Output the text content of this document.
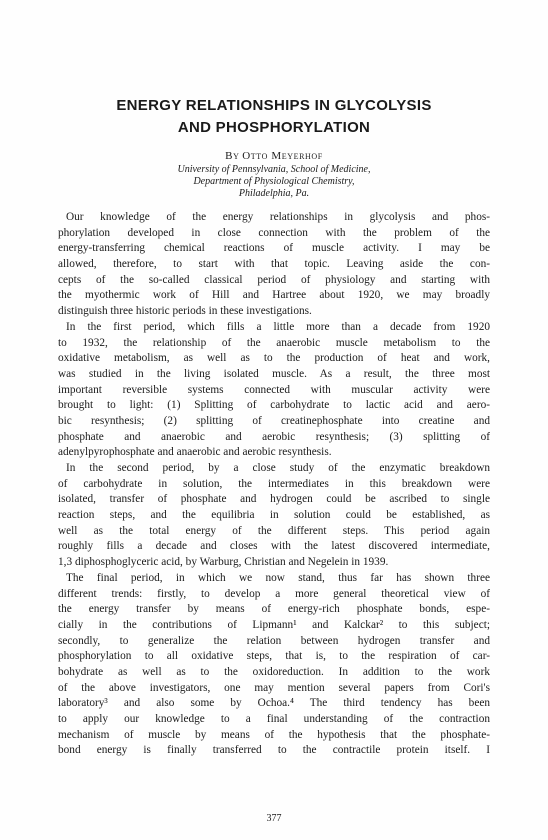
ENERGY RELATIONSHIPS IN GLYCOLYSIS
AND PHOSPHORYLATION
By Otto Meyerhof
University of Pennsylvania, School of Medicine,
Department of Physiological Chemistry,
Philadelphia, Pa.
Our knowledge of the energy relationships in glycolysis and phos-
phorylation developed in close connection with the problem of the
energy-transferring chemical reactions of muscle activity. I may be
allowed, therefore, to start with that topic. Leaving aside the con-
cepts of the so-called classical period of physiology and starting with
the myothermic work of Hill and Hartree about 1920, we may broadly
distinguish three historic periods in these investigations.
In the first period, which fills a little more than a decade from 1920
to 1932, the relationship of the anaerobic muscle metabolism to the
oxidative metabolism, as well as to the production of heat and work,
was studied in the living isolated muscle. As a result, the three most
important reversible systems connected with muscular activity were
brought to light: (1) Splitting of carbohydrate to lactic acid and aero-
bic resynthesis; (2) splitting of creatinephosphate into creatine and
phosphate and anaerobic and aerobic resynthesis; (3) splitting of
adenylpyrophosphate and anaerobic and aerobic resynthesis.
In the second period, by a close study of the enzymatic breakdown
of carbohydrate in solution, the intermediates in this breakdown were
isolated, transfer of phosphate and hydrogen could be ascribed to single
reaction steps, and the equilibria in solution could be established, as
well as the total energy of the different steps. This period again
roughly fills a decade and closes with the latest discovered intermediate,
1,3 diphosphoglyceric acid, by Warburg, Christian and Negelein in 1939.
The final period, in which we now stand, thus far has shown three
different trends: firstly, to develop a more general theoretical view of
the energy transfer by means of energy-rich phosphate bonds, espe-
cially in the contributions of Lipmann¹ and Kalckar² to this subject;
secondly, to generalize the relation between hydrogen transfer and
phosphorylation to all oxidative steps, that is, to the respiration of car-
bohydrate as well as to the oxidoreduction. In addition to the work
of the above investigators, one may mention several papers from Cori's
laboratory³ and also some by Ochoa.⁴ The third tendency has been
to apply our knowledge to a final understanding of the contraction
mechanism of muscle by means of the hypothesis that the phosphate-
bond energy is finally transferred to the contractile protein itself. I
377
